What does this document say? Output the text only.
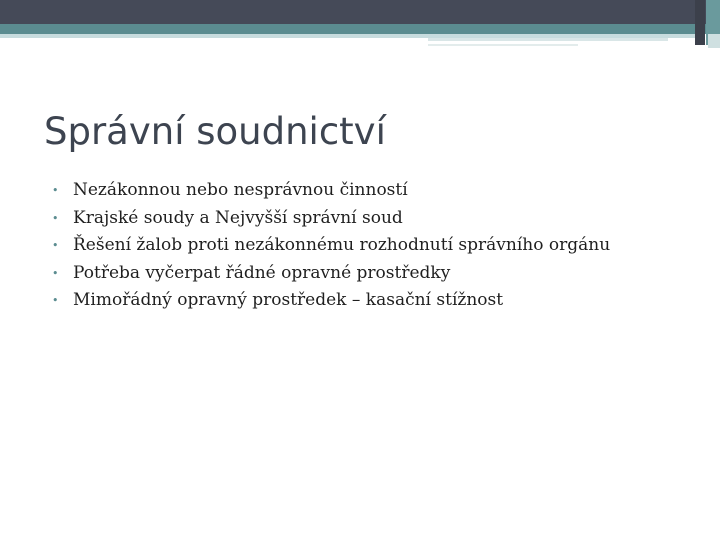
Správní soudnictví
• Nezákonnou nebo nesprávnou činností
• Krajské soudy a Nejvyšší správní soud
• Řešení žalob proti nezákonnému rozhodnutí správního orgánu
• Potřeba vyčerpat řádné opravné prostředky
• Mimořádný opravný prostředek – kasační stížnost
